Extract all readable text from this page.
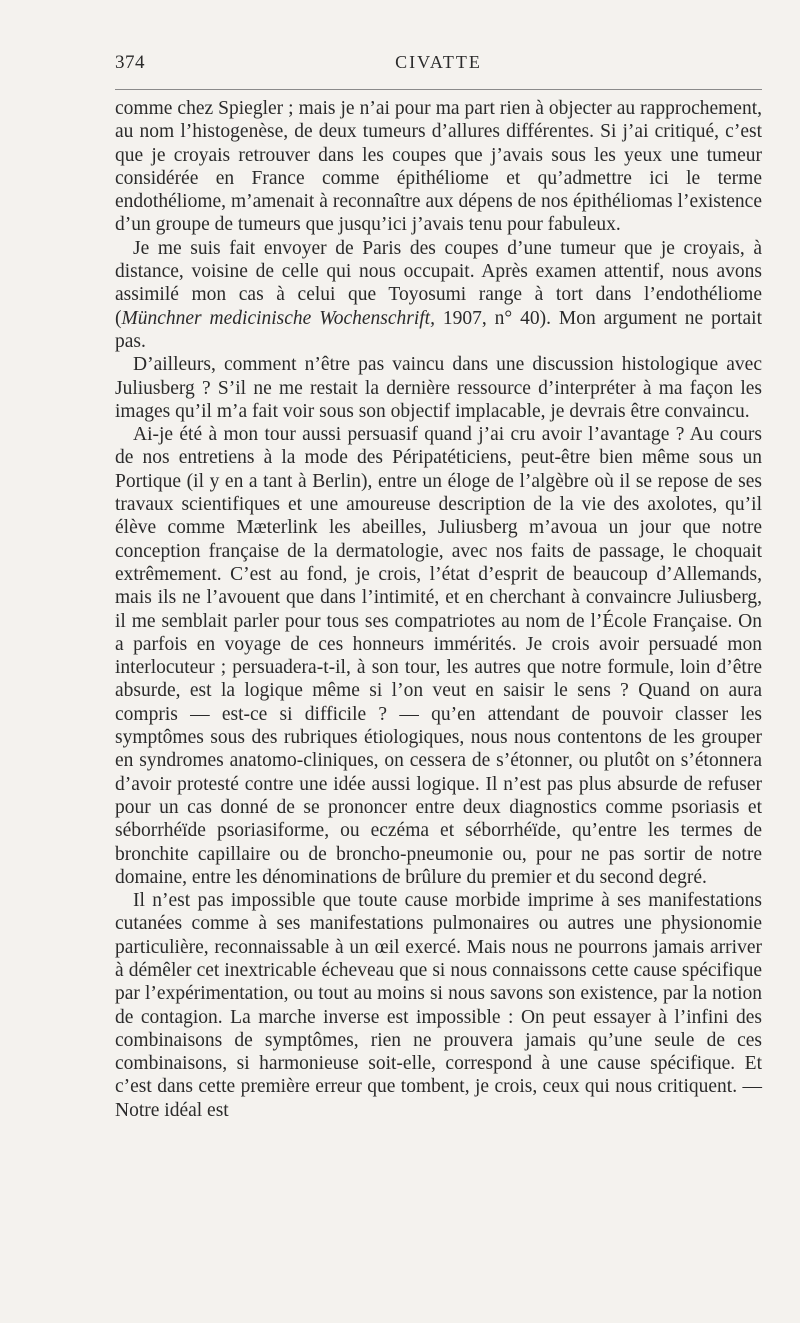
374	CIVATTE

comme chez Spiegler ; mais je n’ai pour ma part rien à objecter au rapprochement, au nom l’histogenèse, de deux tumeurs d’allures différentes. Si j’ai critiqué, c’est que je croyais retrouver dans les coupes que j’avais sous les yeux une tumeur considérée en France comme épithéliome et qu’admettre ici le terme endothéliome, m’amenait à reconnaître aux dépens de nos épithéliomas l’existence d’un groupe de tumeurs que jusqu’ici j’avais tenu pour fabuleux.

Je me suis fait envoyer de Paris des coupes d’une tumeur que je croyais, à distance, voisine de celle qui nous occupait. Après examen attentif, nous avons assimilé mon cas à celui que Toyosumi range à tort dans l’endothéliome (Münchner medicinische Wochenschrift, 1907, n° 40). Mon argument ne portait pas.

D’ailleurs, comment n’être pas vaincu dans une discussion histologique avec Juliusberg ? S’il ne me restait la dernière ressource d’interpréter à ma façon les images qu’il m’a fait voir sous son objectif implacable, je devrais être convaincu.

Ai-je été à mon tour aussi persuasif quand j’ai cru avoir l’avantage ? Au cours de nos entretiens à la mode des Péripatéticiens, peut-être bien même sous un Portique (il y en a tant à Berlin), entre un éloge de l’algèbre où il se repose de ses travaux scientifiques et une amoureuse description de la vie des axolotes, qu’il élève comme Mæterlink les abeilles, Juliusberg m’avoua un jour que notre conception française de la dermatologie, avec nos faits de passage, le choquait extrêmement. C’est au fond, je crois, l’état d’esprit de beaucoup d’Allemands, mais ils ne l’avouent que dans l’intimité, et en cherchant à convaincre Juliusberg, il me semblait parler pour tous ses compatriotes au nom de l’École Française. On a parfois en voyage de ces honneurs immérités. Je crois avoir persuadé mon interlocuteur ; persuadera-t-il, à son tour, les autres que notre formule, loin d’être absurde, est la logique même si l’on veut en saisir le sens ? Quand on aura compris — est-ce si difficile ? — qu’en attendant de pouvoir classer les symptômes sous des rubriques étiologiques, nous nous contentons de les grouper en syndromes anatomo-cliniques, on cessera de s’étonner, ou plutôt on s’étonnera d’avoir protesté contre une idée aussi logique. Il n’est pas plus absurde de refuser pour un cas donné de se prononcer entre deux diagnostics comme psoriasis et séborrhéïde psoriasiforme, ou eczéma et séborrhéïde, qu’entre les termes de bronchite capillaire ou de broncho-pneumonie ou, pour ne pas sortir de notre domaine, entre les dénominations de brûlure du premier et du second degré.

Il n’est pas impossible que toute cause morbide imprime à ses manifestations cutanées comme à ses manifestations pulmonaires ou autres une physionomie particulière, reconnaissable à un œil exercé. Mais nous ne pourrons jamais arriver à démêler cet inextricable écheveau que si nous connaissons cette cause spécifique par l’expérimentation, ou tout au moins si nous savons son existence, par la notion de contagion. La marche inverse est impossible : On peut essayer à l’infini des combinaisons de symptômes, rien ne prouvera jamais qu’une seule de ces combinaisons, si harmonieuse soit-elle, correspond à une cause spécifique. Et c’est dans cette première erreur que tombent, je crois, ceux qui nous critiquent. — Notre idéal est
